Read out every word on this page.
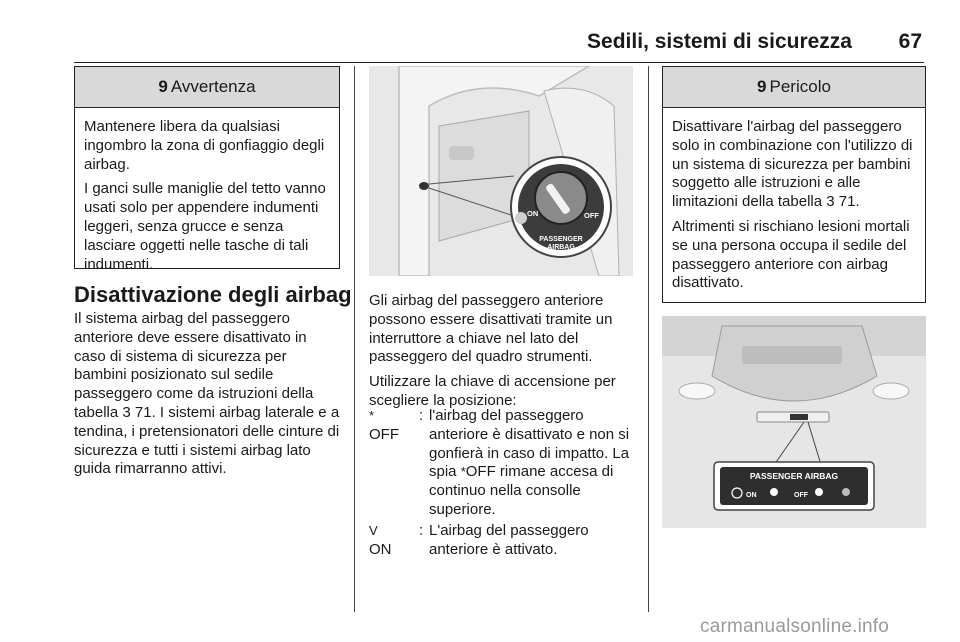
Sedili, sistemi di sicurezza 67
9 Avvertenza

Mantenere libera da qualsiasi ingombro la zona di gonfiaggio degli airbag.

I ganci sulle maniglie del tetto vanno usati solo per appendere indumenti leggeri, senza grucce e senza lasciare oggetti nelle tasche di tali indumenti.

Disattivazione degli airbag

Il sistema airbag del passeggero anteriore deve essere disattivato in caso di sistema di sicurezza per bambini posizionato sul sedile passeggero come da istruzioni della tabella 3 71. I sistemi airbag laterale e a tendina, i pretensionatori delle cinture di sicurezza e tutti i sistemi airbag lato guida rimarranno attivi.

ON	OFF
PASSENGER
AIRBAG

Gli airbag del passeggero anteriore possono essere disattivati tramite un interruttore a chiave nel lato del passeggero del quadro strumenti.

Utilizzare la chiave di accensione per scegliere la posizione:

*
OFF
: l'airbag del passeggero anteriore è disattivato e non si gonfierà in caso di impatto. La spia *OFF rimane accesa di continuo nella consolle superiore.
V
ON
: L'airbag del passeggero anteriore è attivato.
9 Pericolo

Disattivare l'airbag del passeggero solo in combinazione con l'utilizzo di un sistema di sicurezza per bambini soggetto alle istruzioni e alle limitazioni della tabella 3 71.

Altrimenti si rischiano lesioni mortali se una persona occupa il sedile del passeggero anteriore con airbag disattivato.

PASSENGER AIRBAG
ON	OFF
carmanualsonline.info
